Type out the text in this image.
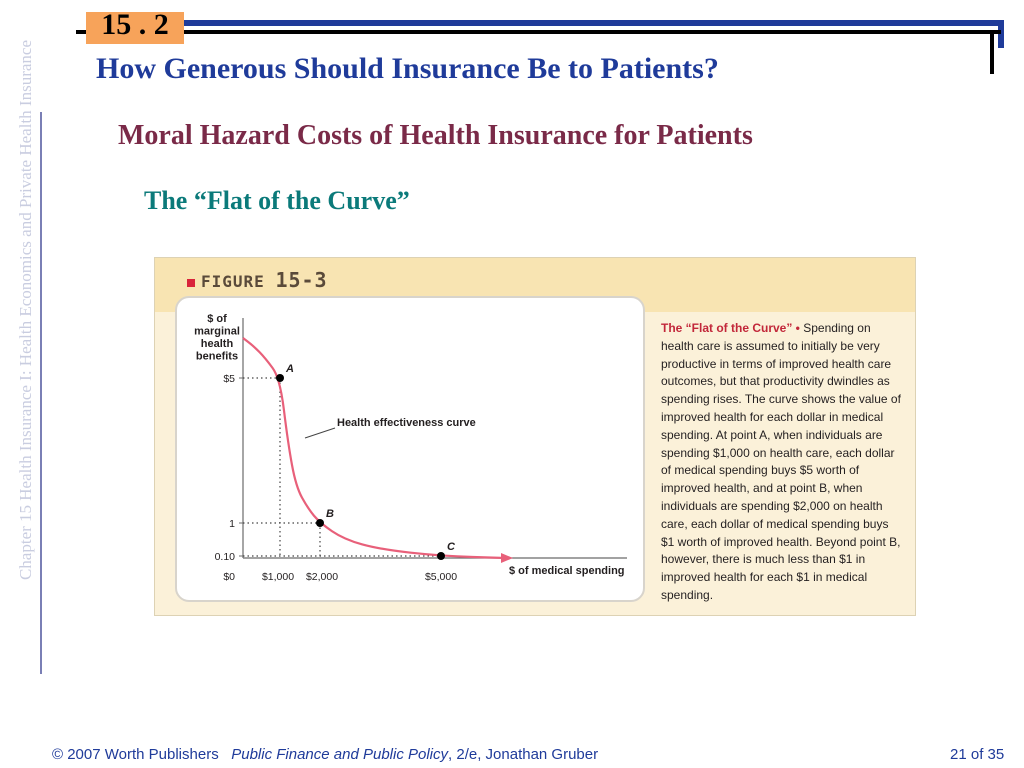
15 . 2
How Generous Should Insurance Be to Patients?
Moral Hazard Costs of Health Insurance for Patients
The “Flat of the Curve”
Chapter 15 Health Insurance I: Health Economics and Private Health Insurance	FIGURE 15-3
$ of
marginal
health
benefits
$ of medical spending
$0
0.10
1
$5
$1,000 $2,000	$5,000
Health effectiveness curve
A
B
C
The “Flat of the Curve” • Spending on health care is assumed to initially be very productive in terms of improved health care outcomes, but that productivity dwindles as spending rises. The curve shows the value of improved health for each dollar in medical spending. At point A, when individuals are spending $1,000 on health care, each dollar of medical spending buys $5 worth of improved health, and at point B, when individuals are spending $2,000 on health care, each dollar of medical spending buys $1 worth of improved health. Beyond point B, however, there is much less than $1 in improved health for each $1 in medical spending.
© 2007 Worth Publishers Public Finance and Public Policy, 2/e, Jonathan Gruber	21 of 35
